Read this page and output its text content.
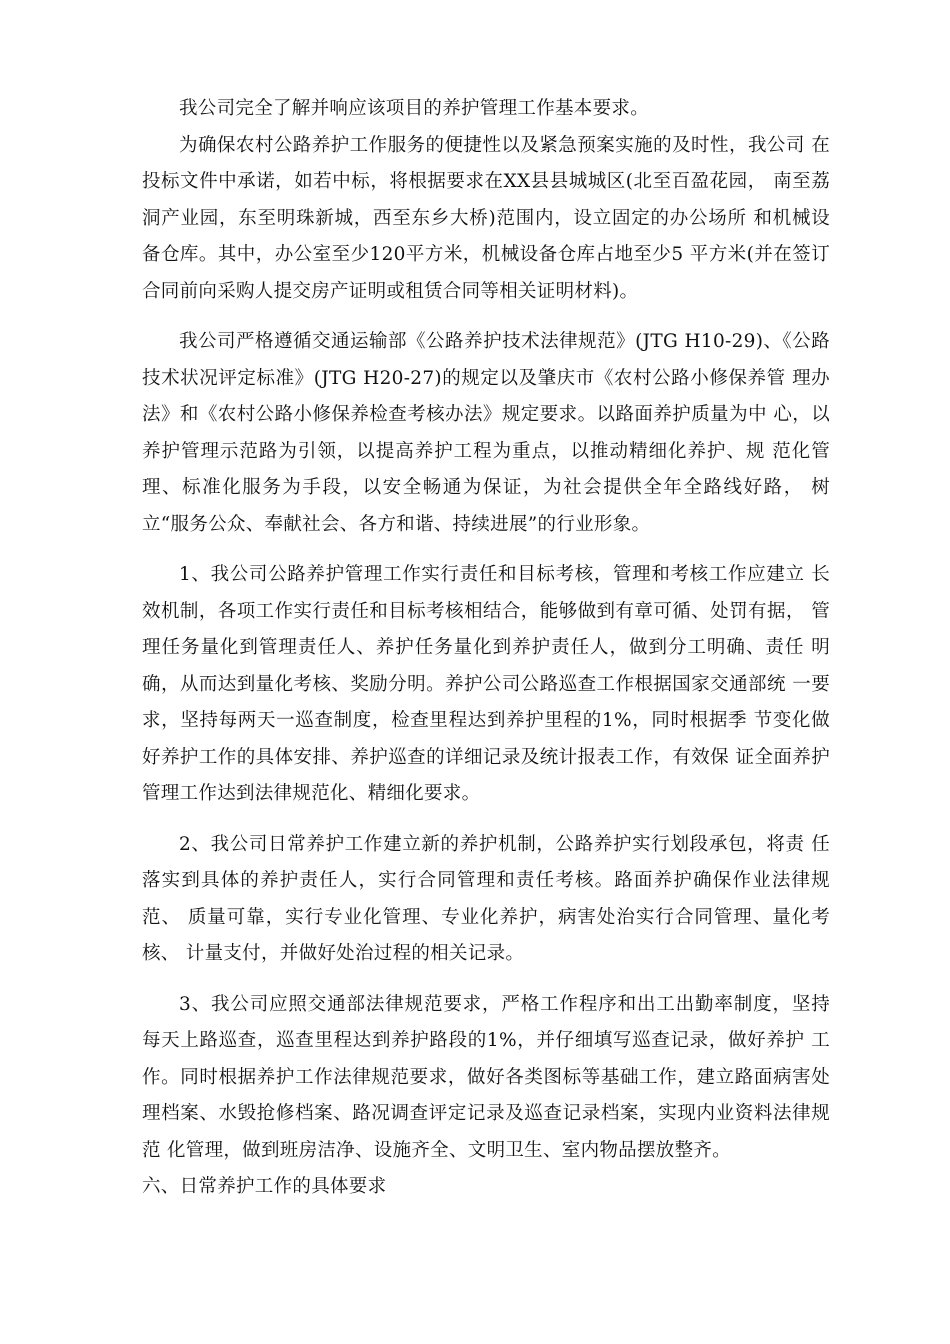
我公司完全了解并响应该项目的养护管理工作基本要求。

为确保农村公路养护工作服务的便捷性以及紧急预案实施的及时性，我公司 在投标文件中承诺，如若中标，将根据要求在XX县县城城区(北至百盈花园， 南至荔洞产业园，东至明珠新城，西至东乡大桥)范围内，设立固定的办公场所 和机械设备仓库。其中，办公室至少120平方米，机械设备仓库占地至少5 平方米(并在签订合同前向采购人提交房产证明或租赁合同等相关证明材料)。

我公司严格遵循交通运输部《公路养护技术法律规范》(JTG H10-29)、《公路技术状况评定标准》(JTG H20-27)的规定以及肇庆市《农村公路小修保养管 理办法》和《农村公路小修保养检查考核办法》规定要求。以路面养护质量为中 心，以养护管理示范路为引领，以提高养护工程为重点，以推动精细化养护、规 范化管理、标准化服务为手段，以安全畅通为保证，为社会提供全年全路线好路， 树立“服务公众、奉献社会、各方和谐、持续进展”的行业形象。

1、我公司公路养护管理工作实行责任和目标考核，管理和考核工作应建立 长效机制，各项工作实行责任和目标考核相结合，能够做到有章可循、处罚有据， 管理任务量化到管理责任人、养护任务量化到养护责任人，做到分工明确、责任 明确，从而达到量化考核、奖励分明。养护公司公路巡查工作根据国家交通部统 一要求，坚持每两天一巡查制度，检查里程达到养护里程的1%，同时根据季 节变化做好养护工作的具体安排、养护巡查的详细记录及统计报表工作，有效保 证全面养护管理工作达到法律规范化、精细化要求。

2、我公司日常养护工作建立新的养护机制，公路养护实行划段承包，将责 任落实到具体的养护责任人，实行合同管理和责任考核。路面养护确保作业法律规范、 质量可靠，实行专业化管理、专业化养护，病害处治实行合同管理、量化考核、 计量支付，并做好处治过程的相关记录。

3、我公司应照交通部法律规范要求，严格工作程序和出工出勤率制度，坚持每天上路巡查，巡查里程达到养护路段的1%，并仔细填写巡查记录，做好养护 工作。同时根据养护工作法律规范要求，做好各类图标等基础工作，建立路面病害处 理档案、水毁抢修档案、路况调查评定记录及巡查记录档案，实现内业资料法律规范 化管理，做到班房洁净、设施齐全、文明卫生、室内物品摆放整齐。

六、日常养护工作的具体要求
